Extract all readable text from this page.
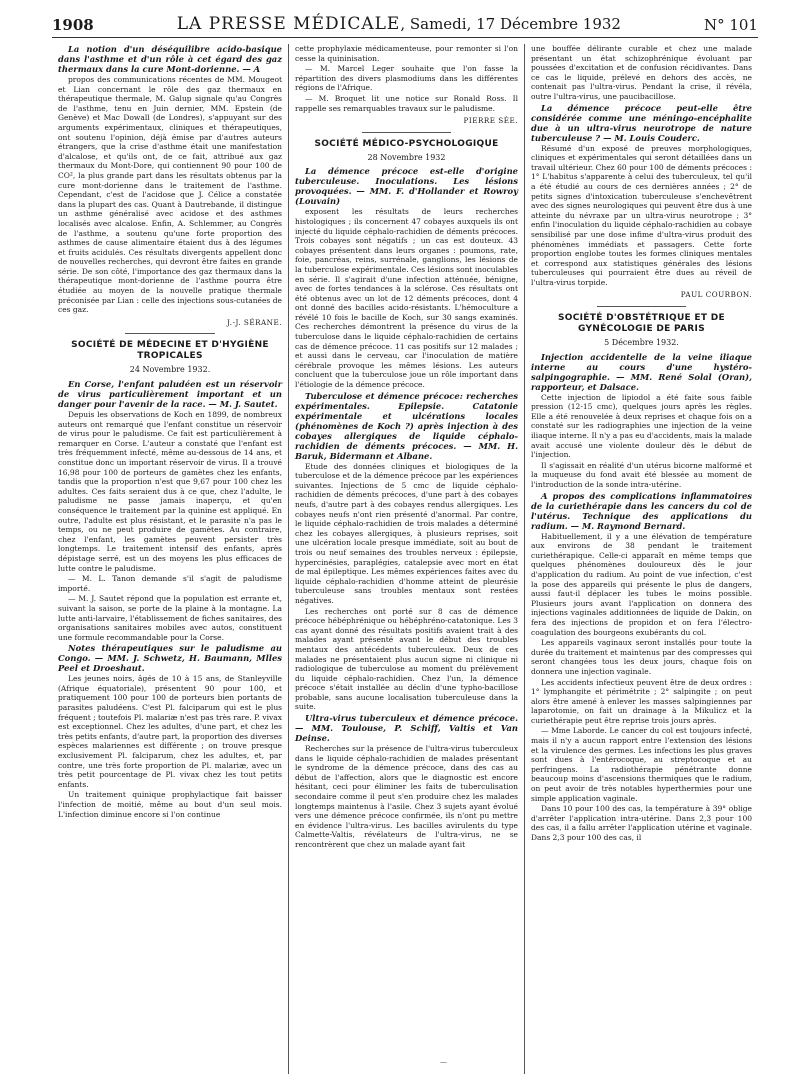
1908	LA PRESSE MÉDICALE, Samedi, 17 Décembre 1932	N° 101

La notion d'un déséquilibre acido-basique dans l'asthme et d'un rôle à cet égard des gaz thermaux dans la cure Mont-dorienne. — A

propos des communications récentes de MM. Mougeot et Lian concernant le rôle des gaz thermaux en thérapeutique thermale, M. Galup signale qu'au Congrès de l'asthme, tenu en Juin dernier, MM. Epstein (de Genève) et Mac Dowall (de Londres), s'appuyant sur des arguments expérimentaux, cliniques et thérapeutiques, ont soutenu l'opinion, déjà émise par d'autres auteurs étrangers, que la crise d'asthme était une manifestation d'alcalose, et qu'ils ont, de ce fait, attribué aux gaz thermaux du Mont-Dore, qui contiennent 90 pour 100 de CO², la plus grande part dans les résultats obtenus par la cure mont-dorienne dans le traitement de l'asthme. Cependant, c'est de l'acidose que J. Célice a constatée dans la plupart des cas. Quant à Dautrebande, il distingue un asthme généralisé avec acidose et des asthmes localisés avec alcalose. Enfin, A. Schlemmer, au Congrès de l'asthme, a soutenu qu'une forte proportion des asthmes de cause alimentaire étaient dus à des légumes et fruits acidulés. Ces résultats divergents appellent donc de nouvelles recherches, qui devront être faites en grande série. De son côté, l'importance des gaz thermaux dans la thérapeutique mont-dorienne de l'asthme pourra être étudiée au moyen de la nouvelle pratique thermale préconisée par Lian : celle des injections sous-cutanées de ces gaz.

J.-J. SÉRANE.
SOCIÉTÉ DE MÉDECINE ET D'HYGIÈNE TROPICALES
24 Novembre 1932.

En Corse, l'enfant paludéen est un réservoir de virus particulièrement important et un danger pour l'avenir de la race. — M. J. Sautet.

Depuis les observations de Koch en 1899, de nombreux auteurs ont remarqué que l'enfant constitue un réservoir de virus pour le paludisme. Ce fait est particulièrement à remarquer en Corse. L'auteur a constaté que l'enfant est très fréquemment infecté, même au-dessous de 14 ans, et constitue donc un important réservoir de virus. Il a trouvé 16,98 pour 100 de porteurs de gamètes chez les enfants, tandis que la proportion n'est que 9,67 pour 100 chez les adultes. Ces faits seraient dus à ce que, chez l'adulte, le paludisme ne passe jamais inaperçu, et qu'en conséquence le traitement par la quinine est appliqué. En outre, l'adulte est plus résistant, et le parasite n'a pas le temps, ou ne peut produire de gamètes. Au contraire, chez l'enfant, les gamètes peuvent persister très longtemps. Le traitement intensif des enfants, après dépistage serré, est un des moyens les plus efficaces de lutte contre le paludisme.

— M. L. Tanon demande s'il s'agit de paludisme importé.

— M. J. Sautet répond que la population est errante et, suivant la saison, se porte de la plaine à la montagne. La lutte anti-larvaire, l'établissement de fiches sanitaires, des organisations sanitaires mobiles avec autos, constituent une formule recommandable pour la Corse.

Notes thérapeutiques sur le paludisme au Congo. — MM. J. Schwetz, H. Baumann, Mlles Peel et Droeshaut.

Les jeunes noirs, âgés de 10 à 15 ans, de Stanleyville (Afrique équatoriale), présentent 90 pour 100, et pratiquement 100 pour 100 de porteurs bien portants de parasites paludéens. C'est Pl. falciparum qui est le plus fréquent ; toutefois Pl. malariæ n'est pas très rare. P. vivax est exceptionnel. Chez les adultes, d'une part, et chez les très petits enfants, d'autre part, la proportion des diverses espèces malariennes est différente ; on trouve presque exclusivement Pl. falciparum, chez les adultes, et, par contre, une très forte proportion de Pl. malariæ, avec un très petit pourcentage de Pl. vivax chez les tout petits enfants.

Un traitement quinique prophylactique fait baisser l'infection de moitié, même au bout d'un seul mois. L'infection diminue encore si l'on continue

cette prophylaxie médicamenteuse, pour remonter si l'on cesse la quininisation.

— M. Marcel Leger souhaite que l'on fasse la répartition des divers plasmodiums dans les différentes régions de l'Afrique.

— M. Broquet lit une notice sur Ronald Ross. Il rappelle ses remarquables travaux sur le paludisme.

PIERRE SÉE.
SOCIÉTÉ MÉDICO-PSYCHOLOGIQUE
28 Novembre 1932

La démence précoce est-elle d'origine tuberculeuse. Inoculations. Les lésions provoquées. — MM. F. d'Hollander et Rowroy (Louvain)

exposent les résultats de leurs recherches histologiques ; ils concernent 47 cobayes auxquels ils ont injecté du liquide céphalo-rachidien de déments précoces. Trois cobayes sont négatifs ; un cas est douteux. 43 cobayes présentent dans leurs organes : poumons, rate, foie, pancréas, reins, surrénale, ganglions, les lésions de la tuberculose expérimentale. Ces lésions sont inoculables en série. Il s'agirait d'une infection atténuée, bénigne, avec de fortes tendances à la sclérose. Ces résultats ont été obtenus avec un lot de 12 déments précoces, dont 4 ont donné des bacilles acido-résistants. L'hémoculture a révélé 10 fois le bacille de Koch, sur 30 sangs examinés. Ces recherches démontrent la présence du virus de la tuberculose dans le liquide céphalo-rachidien de certains cas de démence précoce. 11 cas positifs sur 12 malades ; et aussi dans le cerveau, car l'inoculation de matière cérébrale provoque les mêmes lésions. Les auteurs concluent que la tuberculose joue un rôle important dans l'étiologie de la démence précoce.

Tuberculose et démence précoce: recherches expérimentales. Epilepsie. Catatonie expérimentale et ulcérations locales (phénomènes de Koch ?) après injection à des cobayes allergiques de liquide céphalo-rachidien de déments précoces. — MM. H. Baruk, Bidermann et Albane.

Etude des données cliniques et biologiques de la tuberculose et de la démence précoce par les expériences suivantes. Injections de 5 cmc de liquide céphalo-rachidien de déments précoces, d'une part à des cobayes neufs, d'autre part à des cobayes rendus allergiques. Les cobayes neufs n'ont rien présenté d'anormal. Par contre, le liquide céphalo-rachidien de trois malades a déterminé chez les cobayes allergiques, à plusieurs reprises, soit une ulcération locale presque immédiate, soit au bout de trois ou neuf semaines des troubles nerveux : épilepsie, hypercinésies, paraplégies, catalepsie avec mort en état de mal épileptique. Les mêmes expériences faites avec du liquide céphalo-rachidien d'homme atteint de pleurésie tuberculeuse sans troubles mentaux sont restées négatives.

Les recherches ont porté sur 8 cas de démence précoce hébéphrénique ou hébéphréno-catatonique. Les 3 cas ayant donné des résultats positifs avaient trait à des malades ayant présenté avant le début des troubles mentaux des antécédents tuberculeux. Deux de ces malades ne présentaient plus aucun signe ni clinique ni radiologique de tuberculose au moment du prélèvement du liquide céphalo-rachidien. Chez l'un, la démence précoce s'était installée au déclin d'une typho-bacillose probable, sans aucune localisation tuberculeuse dans la suite.

Ultra-virus tuberculeux et démence précoce. — MM. Toulouse, P. Schiff, Valtis et Van Deinse.

Recherches sur la présence de l'ultra-virus tuberculeux dans le liquide céphalo-rachidien de malades présentant le syndrome de la démence précoce, dans des cas au début de l'affection, alors que le diagnostic est encore hésitant, ceci pour éliminer les faits de tuberculisation secondaire comme il peut s'en produire chez les malades longtemps maintenus à l'asile. Chez 3 sujets ayant évolué vers une démence précoce confirmée, ils n'ont pu mettre en évidence l'ultra-virus. Les bacilles avirulents du type Calmette-Valtis, révélateurs de l'ultra-virus, ne se rencontrèrent que chez un malade ayant fait

une bouffée délirante curable et chez une malade présentant un état schizophrénique évoluant par poussées d'excitation et de confusion récidivantes. Dans ce cas le liquide, prélevé en dehors des accès, ne contenait pas l'ultra-virus. Pendant la crise, il révéla, outre l'ultra-virus, une paucibacillose.

La démence précoce peut-elle être considérée comme une méningo-encéphalite due à un ultra-virus neurotrope de nature tuberculeuse ? — M. Louis Couderc.

Résumé d'un exposé de preuves morphologiques, cliniques et expérimentales qui seront détaillées dans un travail ultérieur. Chez 60 pour 100 de déments précoces : 1° L'habitus s'apparente à celui des tuberculeux, tel qu'il a été étudié au cours de ces dernières années ; 2° de petits signes d'intoxication tuberculeuse s'enchevêtrent avec des signes neurologiques qui peuvent être dus à une atteinte du névraxe par un ultra-virus neurotrope ; 3° enfin l'inoculation du liquide céphalo-rachidien au cobaye sensibilisé par une dose infime d'ultra-virus produit des phénomènes immédiats et passagers. Cette forte proportion englobe toutes les formes cliniques mentales et correspond aux statistiques générales des lésions tuberculeuses qui pourraient être dues au réveil de l'ultra-virus torpide.

PAUL COURBON.
SOCIÉTÉ D'OBSTÉTRIQUE ET DE GYNÉCOLOGIE DE PARIS
5 Décembre 1932.

Injection accidentelle de la veine iliaque interne au cours d'une hystéro-salpingographie. — MM. René Solal (Oran), rapporteur, et Dalsace.

Cette injection de lipiodol a été faite sous faible pression (12-15 cmc), quelques jours après les règles. Elle a été renouvelée à deux reprises et chaque fois on a constaté sur les radiographies une injection de la veine iliaque interne. Il n'y a pas eu d'accidents, mais la malade avait accusé une violente douleur dès le début de l'injection.

Il s'agissait en réalité d'un utérus bicorne malformé et la muqueuse du fond avait été blessée au moment de l'introduction de la sonde intra-utérine.

A propos des complications inflammatoires de la curiethérapie dans les cancers du col de l'utérus. Technique des applications du radium. — M. Raymond Bernard.

Habituellement, il y a une élévation de température aux environs de 38 pendant le traitement curiethérapique. Celle-ci apparaît en même temps que quelques phénomènes douloureux dès le jour d'application du radium. Au point de vue infection, c'est la pose des appareils qui présente le plus de dangers, aussi faut-il déplacer les tubes le moins possible. Plusieurs jours avant l'application on donnera des injections vaginales additionnées de liquide de Dakin, on fera des injections de propidon et on fera l'électro-coagulation des bourgeons exubérants du col.

Les appareils vaginaux seront installés pour toute la durée du traitement et maintenus par des compresses qui seront changées tous les deux jours, chaque fois on donnera une injection vaginale.

Les accidents infectieux peuvent être de deux ordres : 1° lymphangite et périmétrite ; 2° salpingite ; on peut alors être amené à enlever les masses salpingiennes par laparotomie, on fait un drainage à la Mikulicz et la curiethérapie peut être reprise trois jours après.

— Mme Laborde. Le cancer du col est toujours infecté, mais il n'y a aucun rapport entre l'extension des lésions et la virulence des germes. Les infections les plus graves sont dues à l'entérocoque, au streptocoque et au perfringens. La radiothérapie pénétrante donne beaucoup moins d'ascensions thermiques que le radium, on peut avoir de très notables hyperthermies pour une simple application vaginale.

Dans 10 pour 100 des cas, la température à 39° oblige d'arrêter l'application intra-utérine. Dans 2,3 pour 100 des cas, il a fallu arrêter l'application utérine et vaginale. Dans 2,3 pour 100 des cas, il

—
